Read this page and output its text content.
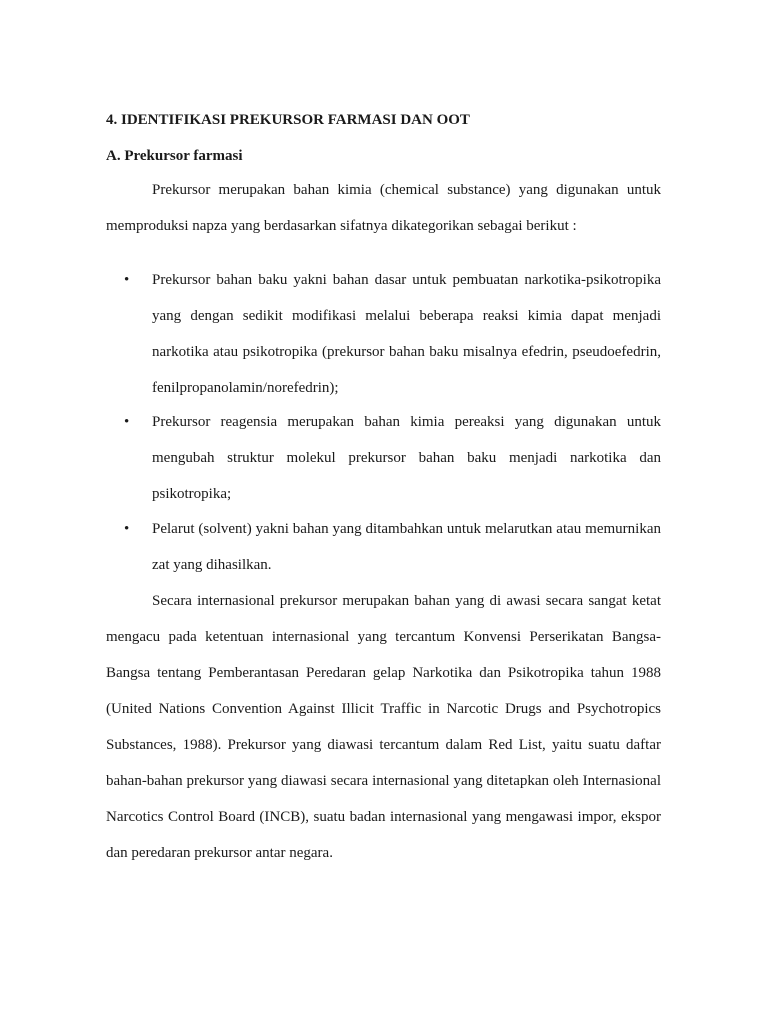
4. IDENTIFIKASI PREKURSOR FARMASI DAN OOT
A. Prekursor farmasi

Prekursor merupakan bahan kimia (chemical substance) yang digunakan untuk memproduksi napza yang berdasarkan sifatnya dikategorikan sebagai berikut :

• Prekursor bahan baku yakni bahan dasar untuk pembuatan narkotika-psikotropika yang dengan sedikit modifikasi melalui beberapa reaksi kimia dapat menjadi narkotika atau psikotropika (prekursor bahan baku misalnya efedrin, pseudoefedrin, fenilpropanolamin/norefedrin);

• Prekursor reagensia merupakan bahan kimia pereaksi yang digunakan untuk mengubah struktur molekul prekursor bahan baku menjadi narkotika dan psikotropika;

• Pelarut (solvent) yakni bahan yang ditambahkan untuk melarutkan atau memurnikan zat yang dihasilkan.

Secara internasional prekursor merupakan bahan yang di awasi secara sangat ketat mengacu pada ketentuan internasional yang tercantum Konvensi Perserikatan Bangsa-Bangsa tentang Pemberantasan Peredaran gelap Narkotika dan Psikotropika tahun 1988 (United Nations Convention Against Illicit Traffic in Narcotic Drugs and Psychotropics Substances, 1988). Prekursor yang diawasi tercantum dalam Red List, yaitu suatu daftar bahan-bahan prekursor yang diawasi secara internasional yang ditetapkan oleh Internasional Narcotics Control Board (INCB), suatu badan internasional yang mengawasi impor, ekspor dan peredaran prekursor antar negara.
